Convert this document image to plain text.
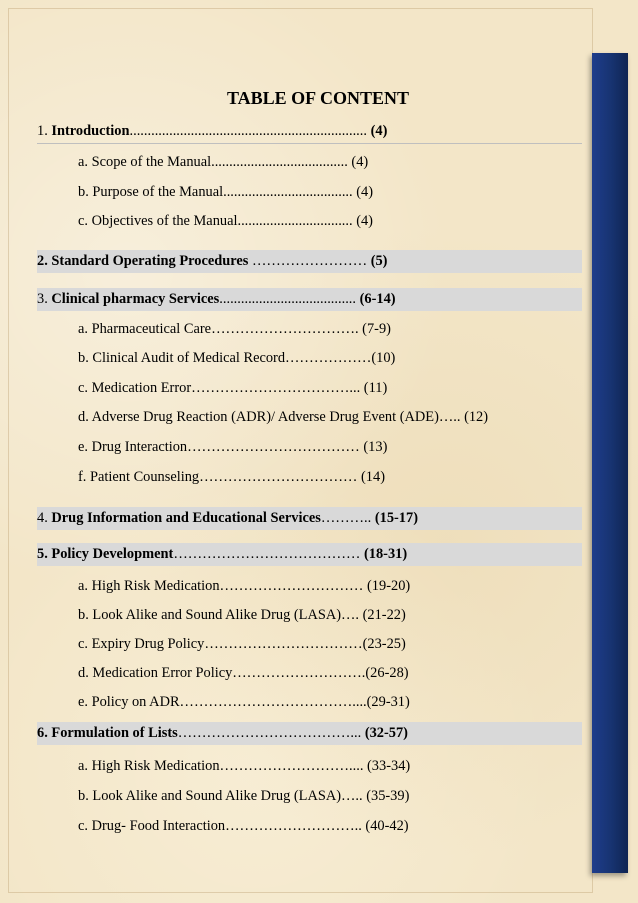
TABLE OF CONTENT
1. Introduction.................................................................. (4)
a. Scope of the Manual...................................... (4)
b. Purpose of the Manual.................................... (4)
c. Objectives of the Manual................................ (4)
2. Standard Operating Procedures …………………… (5)
3. Clinical pharmacy Services...................................... (6-14)
a. Pharmaceutical Care…………………………. (7-9)
b. Clinical Audit of Medical Record………………(10)
c. Medication Error……………………………... (11)
d. Adverse Drug Reaction (ADR)/ Adverse Drug Event (ADE)….. (12)
e. Drug Interaction……………………………… (13)
f. Patient Counseling…………………………… (14)
4. Drug Information and Educational Services……….. (15-17)
5. Policy Development………………………………… (18-31)
a. High Risk Medication………………………… (19-20)
b. Look Alike and Sound Alike Drug (LASA)…. (21-22)
c. Expiry Drug Policy……………………………(23-25)
d. Medication Error Policy……………………….(26-28)
e. Policy on ADR………………………………....(29-31)
6. Formulation of Lists………………………………... (32-57)
a. High Risk Medication……………………….... (33-34)
b. Look Alike and Sound Alike Drug (LASA)….. (35-39)
c. Drug- Food Interaction……………………….. (40-42)
